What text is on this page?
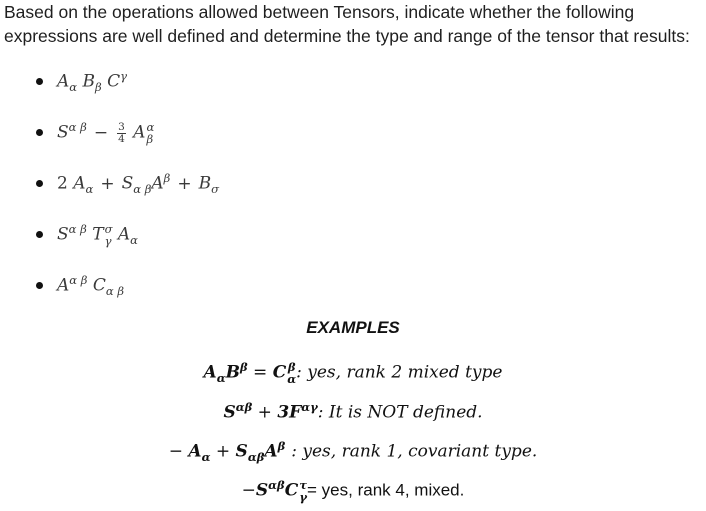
Based on the operations allowed between Tensors, indicate whether the following expressions are well defined and determine the type and range of the tensor that results:
$A_\alpha$ $B_\beta$ $C^\gamma$
$S^{\alpha \beta} - \frac{3}{4}$ A α
β
2 $A_\alpha + S_{\alpha \beta}A^\beta + B_\sigma$
$S^{\alpha \beta}$ T σ
γ $A_\alpha$
$A^{\alpha \beta}$ $C_{\alpha \beta}$
EXAMPLES
$A_\alpha B^\beta = C$ β
α : yes, rank 2 mixed type
$S^{\alpha\beta} + 3F^{\alpha\gamma}$: It is NOT defined.
− $A_\alpha + S_{\alpha\beta}A^\beta$ : yes, rank 1, covariant type.
$-S^{\alpha\beta}C$ τ
γ = yes, rank 4, mixed.
